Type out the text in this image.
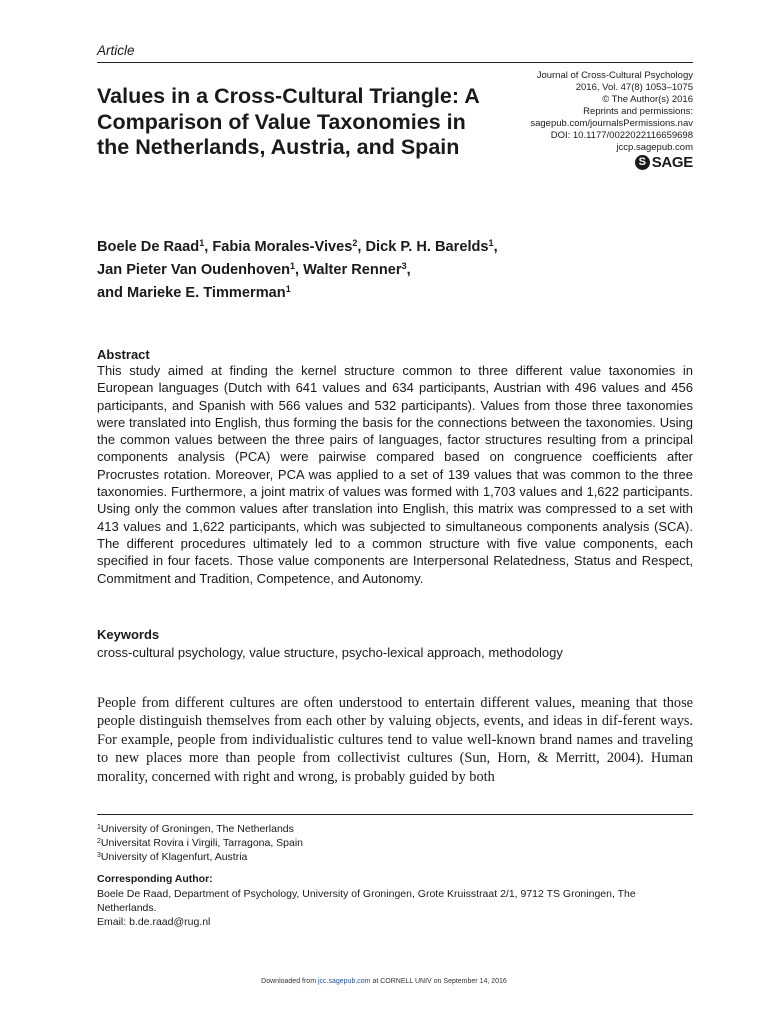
Article
Values in a Cross-Cultural Triangle: A Comparison of Value Taxonomies in the Netherlands, Austria, and Spain
Journal of Cross-Cultural Psychology
2016, Vol. 47(8) 1053–1075
© The Author(s) 2016
Reprints and permissions:
sagepub.com/journalsPermissions.nav
DOI: 10.1177/0022022116659698
jccp.sagepub.com
S SAGE
Boele De Raad$^1$, Fabia Morales-Vives$^2$, Dick P. H. Barelds$^1$,
Jan Pieter Van Oudenhoven$^1$, Walter Renner$^3$,
and Marieke E. Timmerman$^1$
Abstract

This study aimed at finding the kernel structure common to three different value taxonomies in European languages (Dutch with 641 values and 634 participants, Austrian with 496 values and 456 participants, and Spanish with 566 values and 532 participants). Values from those three taxonomies were translated into English, thus forming the basis for the connections between the taxonomies. Using the common values between the three pairs of languages, factor structures resulting from a principal components analysis (PCA) were pairwise compared based on congruence coefficients after Procrustes rotation. Moreover, PCA was applied to a set of 139 values that was common to the three taxonomies. Furthermore, a joint matrix of values was formed with 1,703 values and 1,622 participants. Using only the common values after translation into English, this matrix was compressed to a set with 413 values and 1,622 participants, which was subjected to simultaneous components analysis (SCA). The different procedures ultimately led to a common structure with five value components, each specified in four facets. Those value components are Interpersonal Relatedness, Status and Respect, Commitment and Tradition, Competence, and Autonomy.

Keywords
cross-cultural psychology, value structure, psycho-lexical approach, methodology

People from different cultures are often understood to entertain different values, meaning that those people distinguish themselves from each other by valuing objects, events, and ideas in dif-ferent ways. For example, people from individualistic cultures tend to value well-known brand names and traveling to new places more than people from collectivist cultures (Sun, Horn, & Merritt, 2004). Human morality, concerned with right and wrong, is probably guided by both

$^1$University of Groningen, The Netherlands
$^2$Universitat Rovira i Virgili, Tarragona, Spain
$^3$University of Klagenfurt, Austria
Corresponding Author:
Boele De Raad, Department of Psychology, University of Groningen, Grote Kruisstraat 2/1, 9712 TS Groningen, The Netherlands.
Email: b.de.raad@rug.nl
Downloaded from jcc.sagepub.com at CORNELL UNIV on September 14, 2016
